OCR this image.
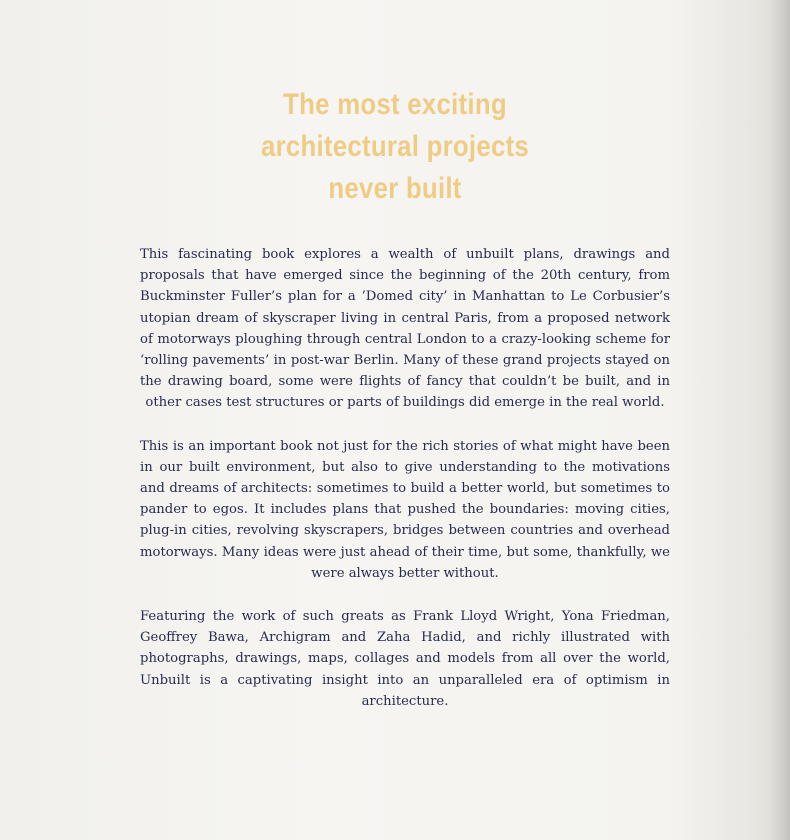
The most exciting
architectural projects
never built

This fascinating book explores a wealth of unbuilt plans, drawings and proposals that have emerged since the beginning of the 20th century, from Buckminster Fuller’s plan for a ’Domed city’ in Manhattan to Le Corbusier’s utopian dream of skyscraper living in central Paris, from a proposed network of motorways ploughing through central London to a crazy-looking scheme for ‘rolling pavements’ in post-war Berlin. Many of these grand projects stayed on the drawing board, some were flights of fancy that couldn’t be built, and in other cases test structures or parts of buildings did emerge in the real world.

This is an important book not just for the rich stories of what might have been in our built environment, but also to give understanding to the motivations and dreams of architects: sometimes to build a better world, but sometimes to pander to egos. It includes plans that pushed the boundaries: moving cities, plug-in cities, revolving skyscrapers, bridges between countries and overhead motorways. Many ideas were just ahead of their time, but some, thankfully, we were always better without.

Featuring the work of such greats as Frank Lloyd Wright, Yona Friedman, Geoffrey Bawa, Archigram and Zaha Hadid, and richly illustrated with photographs, drawings, maps, collages and models from all over the world, Unbuilt is a captivating insight into an unparalleled era of optimism in architecture.
